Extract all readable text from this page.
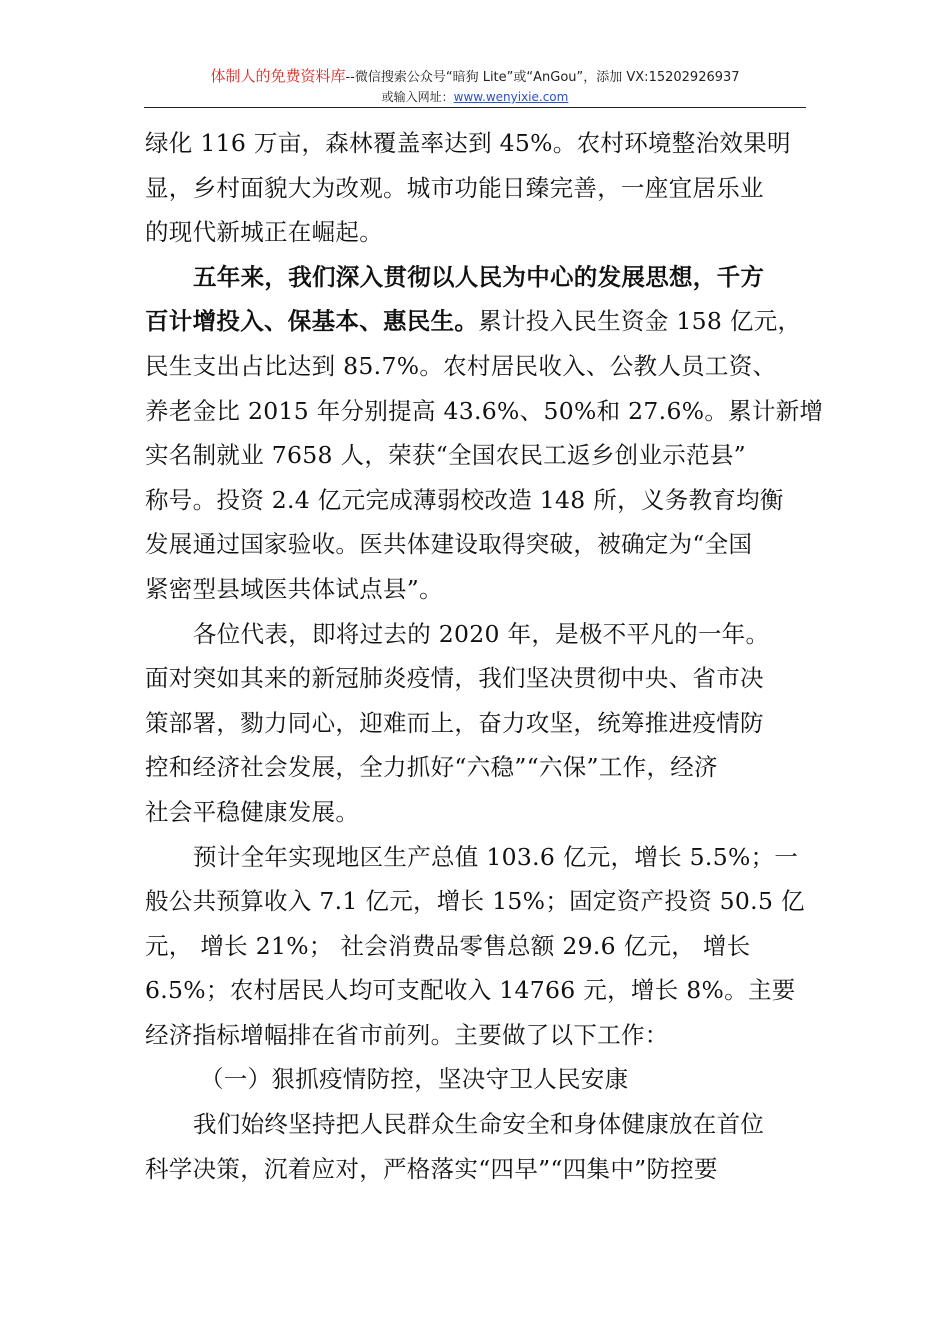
体制人的免费资料库--微信搜索公众号“暗狗 Lite”或“AnGou”，添加 VX:15202926937
或输入网址：www.wenyixie.com
绿化 116 万亩，森林覆盖率达到 45%。农村环境整治效果明
显，乡村面貌大为改观。城市功能日臻完善，一座宜居乐业
的现代新城正在崛起。
五年来，我们深入贯彻以人民为中心的发展思想，千方
百计增投入、保基本、惠民生。累计投入民生资金 158 亿元，
民生支出占比达到 85.7%。农村居民收入、公教人员工资、
养老金比 2015 年分别提高 43.6%、50%和 27.6%。累计新增
实名制就业 7658 人，荣获“全国农民工返乡创业示范县”
称号。投资 2.4 亿元完成薄弱校改造 148 所，义务教育均衡
发展通过国家验收。医共体建设取得突破，被确定为“全国
紧密型县域医共体试点县”。
各位代表，即将过去的 2020 年，是极不平凡的一年。
面对突如其来的新冠肺炎疫情，我们坚决贯彻中央、省市决
策部署，勠力同心，迎难而上，奋力攻坚，统筹推进疫情防
控和经济社会发展，全力抓好“六稳”“六保”工作，经济
社会平稳健康发展。
预计全年实现地区生产总值 103.6 亿元，增长 5.5%；一
般公共预算收入 7.1 亿元，增长 15%；固定资产投资 50.5 亿
元， 增长 21%； 社会消费品零售总额 29.6 亿元， 增长
6.5%；农村居民人均可支配收入 14766 元，增长 8%。主要
经济指标增幅排在省市前列。主要做了以下工作：
（一）狠抓疫情防控，坚决守卫人民安康
我们始终坚持把人民群众生命安全和身体健康放在首位
科学决策，沉着应对，严格落实“四早”“四集中”防控要
